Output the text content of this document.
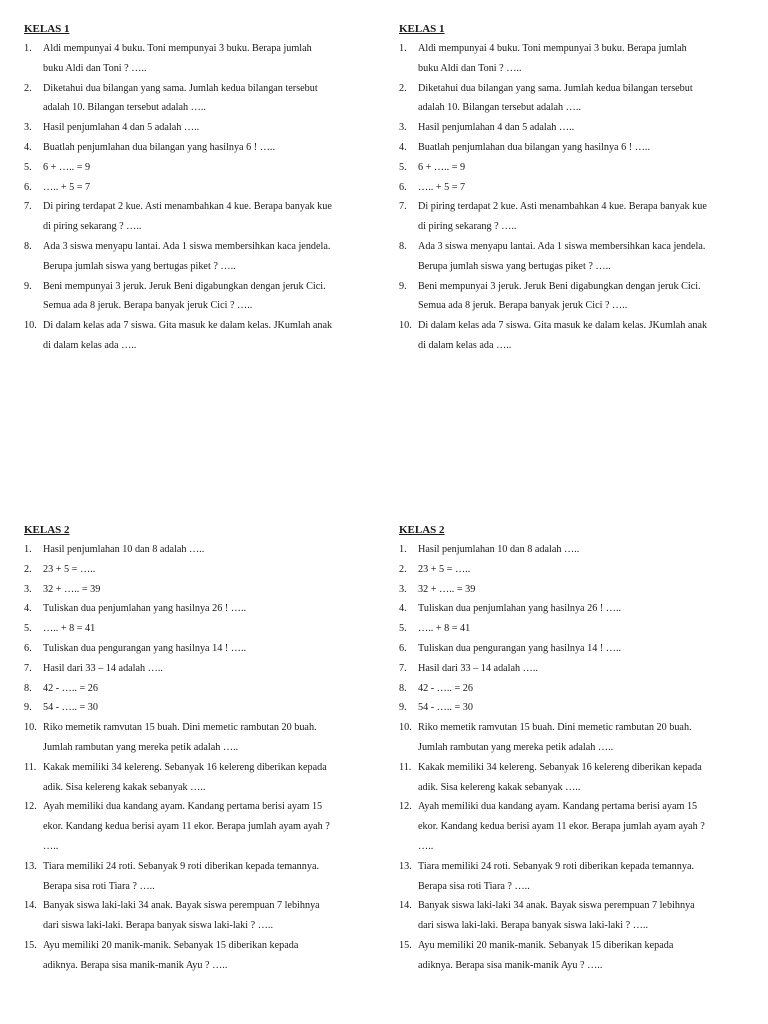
KELAS 1
1.	Aldi mempunyai 4 buku. Toni mempunyai 3 buku. Berapa jumlah
buku Aldi dan Toni ? …..
2.	Diketahui dua bilangan yang sama. Jumlah kedua bilangan tersebut
adalah 10. Bilangan tersebut adalah …..
3.	Hasil penjumlahan 4 dan 5 adalah …..
4.	Buatlah penjumlahan dua bilangan yang hasilnya 6 ! …..
5.	6 + ….. = 9
6.	….. + 5 = 7
7.	Di piring terdapat 2 kue. Asti menambahkan 4 kue. Berapa banyak kue
di piring sekarang ? …..
8.	Ada 3 siswa menyapu lantai. Ada 1 siswa membersihkan kaca jendela.
Berupa jumlah siswa yang bertugas piket ? …..
9.	Beni mempunyai 3 jeruk. Jeruk Beni digabungkan dengan jeruk Cici.
Semua ada 8 jeruk. Berapa banyak jeruk Cici ? …..
10. Di dalam kelas ada 7 siswa. Gita masuk ke dalam kelas. JKumlah anak
di dalam kelas ada …..
KELAS 1
1.	Aldi mempunyai 4 buku. Toni mempunyai 3 buku. Berapa jumlah
buku Aldi dan Toni ? …..
2.	Diketahui dua bilangan yang sama. Jumlah kedua bilangan tersebut
adalah 10. Bilangan tersebut adalah …..
3.	Hasil penjumlahan 4 dan 5 adalah …..
4.	Buatlah penjumlahan dua bilangan yang hasilnya 6 ! …..
5.	6 + ….. = 9
6.	….. + 5 = 7
7.	Di piring terdapat 2 kue. Asti menambahkan 4 kue. Berapa banyak kue
di piring sekarang ? …..
8.	Ada 3 siswa menyapu lantai. Ada 1 siswa membersihkan kaca jendela.
Berupa jumlah siswa yang bertugas piket ? …..
9.	Beni mempunyai 3 jeruk. Jeruk Beni digabungkan dengan jeruk Cici.
Semua ada 8 jeruk. Berapa banyak jeruk Cici ? …..
10. Di dalam kelas ada 7 siswa. Gita masuk ke dalam kelas. JKumlah anak
di dalam kelas ada …..
KELAS 2
1.	Hasil penjumlahan 10 dan 8 adalah …..
2.	23 + 5 = …..
3.	32 + ….. = 39
4.	Tuliskan dua penjumlahan yang hasilnya 26 ! …..
5.	….. + 8 = 41
6.	Tuliskan dua pengurangan yang hasilnya 14 ! …..
7.	Hasil dari 33 – 14 adalah …..
8.	42 - ….. = 26
9.	54 - ….. = 30
10. Riko memetik ramvutan 15 buah. Dini memetic rambutan 20 buah.
Jumlah rambutan yang mereka petik adalah …..
11. Kakak memiliki 34 kelereng. Sebanyak 16 kelereng diberikan kepada
adik. Sisa kelereng kakak sebanyak …..
12. Ayah memiliki dua kandang ayam. Kandang pertama berisi ayam 15
ekor. Kandang kedua berisi ayam 11 ekor. Berapa jumlah ayam ayah ?
…..
13. Tiara memiliki 24 roti. Sebanyak 9 roti diberikan kepada temannya.
Berapa sisa roti Tiara ? …..
14. Banyak siswa laki-laki 34 anak. Bayak siswa perempuan 7 lebihnya
dari siswa laki-laki. Berapa banyak siswa laki-laki ? …..
15. Ayu memiliki 20 manik-manik. Sebanyak 15 diberikan kepada
adiknya. Berapa sisa manik-manik Ayu ? …..
KELAS 2
1.	Hasil penjumlahan 10 dan 8 adalah …..
2.	23 + 5 = …..
3.	32 + ….. = 39
4.	Tuliskan dua penjumlahan yang hasilnya 26 ! …..
5.	….. + 8 = 41
6.	Tuliskan dua pengurangan yang hasilnya 14 ! …..
7.	Hasil dari 33 – 14 adalah …..
8.	42 - ….. = 26
9.	54 - ….. = 30
10. Riko memetik ramvutan 15 buah. Dini memetic rambutan 20 buah.
Jumlah rambutan yang mereka petik adalah …..
11. Kakak memiliki 34 kelereng. Sebanyak 16 kelereng diberikan kepada
adik. Sisa kelereng kakak sebanyak …..
12. Ayah memiliki dua kandang ayam. Kandang pertama berisi ayam 15
ekor. Kandang kedua berisi ayam 11 ekor. Berapa jumlah ayam ayah ?
…..
13. Tiara memiliki 24 roti. Sebanyak 9 roti diberikan kepada temannya.
Berapa sisa roti Tiara ? …..
14. Banyak siswa laki-laki 34 anak. Bayak siswa perempuan 7 lebihnya
dari siswa laki-laki. Berapa banyak siswa laki-laki ? …..
15. Ayu memiliki 20 manik-manik. Sebanyak 15 diberikan kepada
adiknya. Berapa sisa manik-manik Ayu ? …..
